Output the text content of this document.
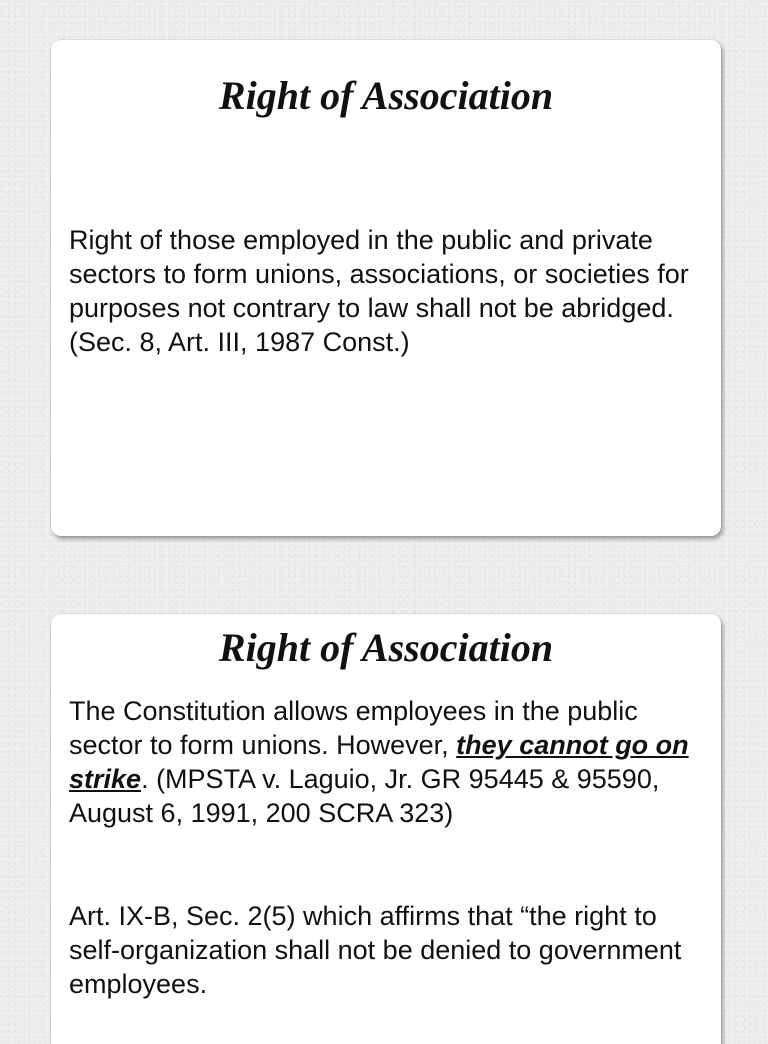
Right of Association

Right of those employed in the public and private sectors to form unions, associations, or societies for purposes not contrary to law shall not be abridged. (Sec. 8, Art. III, 1987 Const.)

Right of Association

The Constitution allows employees in the public sector to form unions. However, they cannot go on strike. (MPSTA v. Laguio, Jr. GR 95445 & 95590, August 6, 1991, 200 SCRA 323)

Art. IX-B, Sec. 2(5) which affirms that “the right to self-organization shall not be denied to government employees.
